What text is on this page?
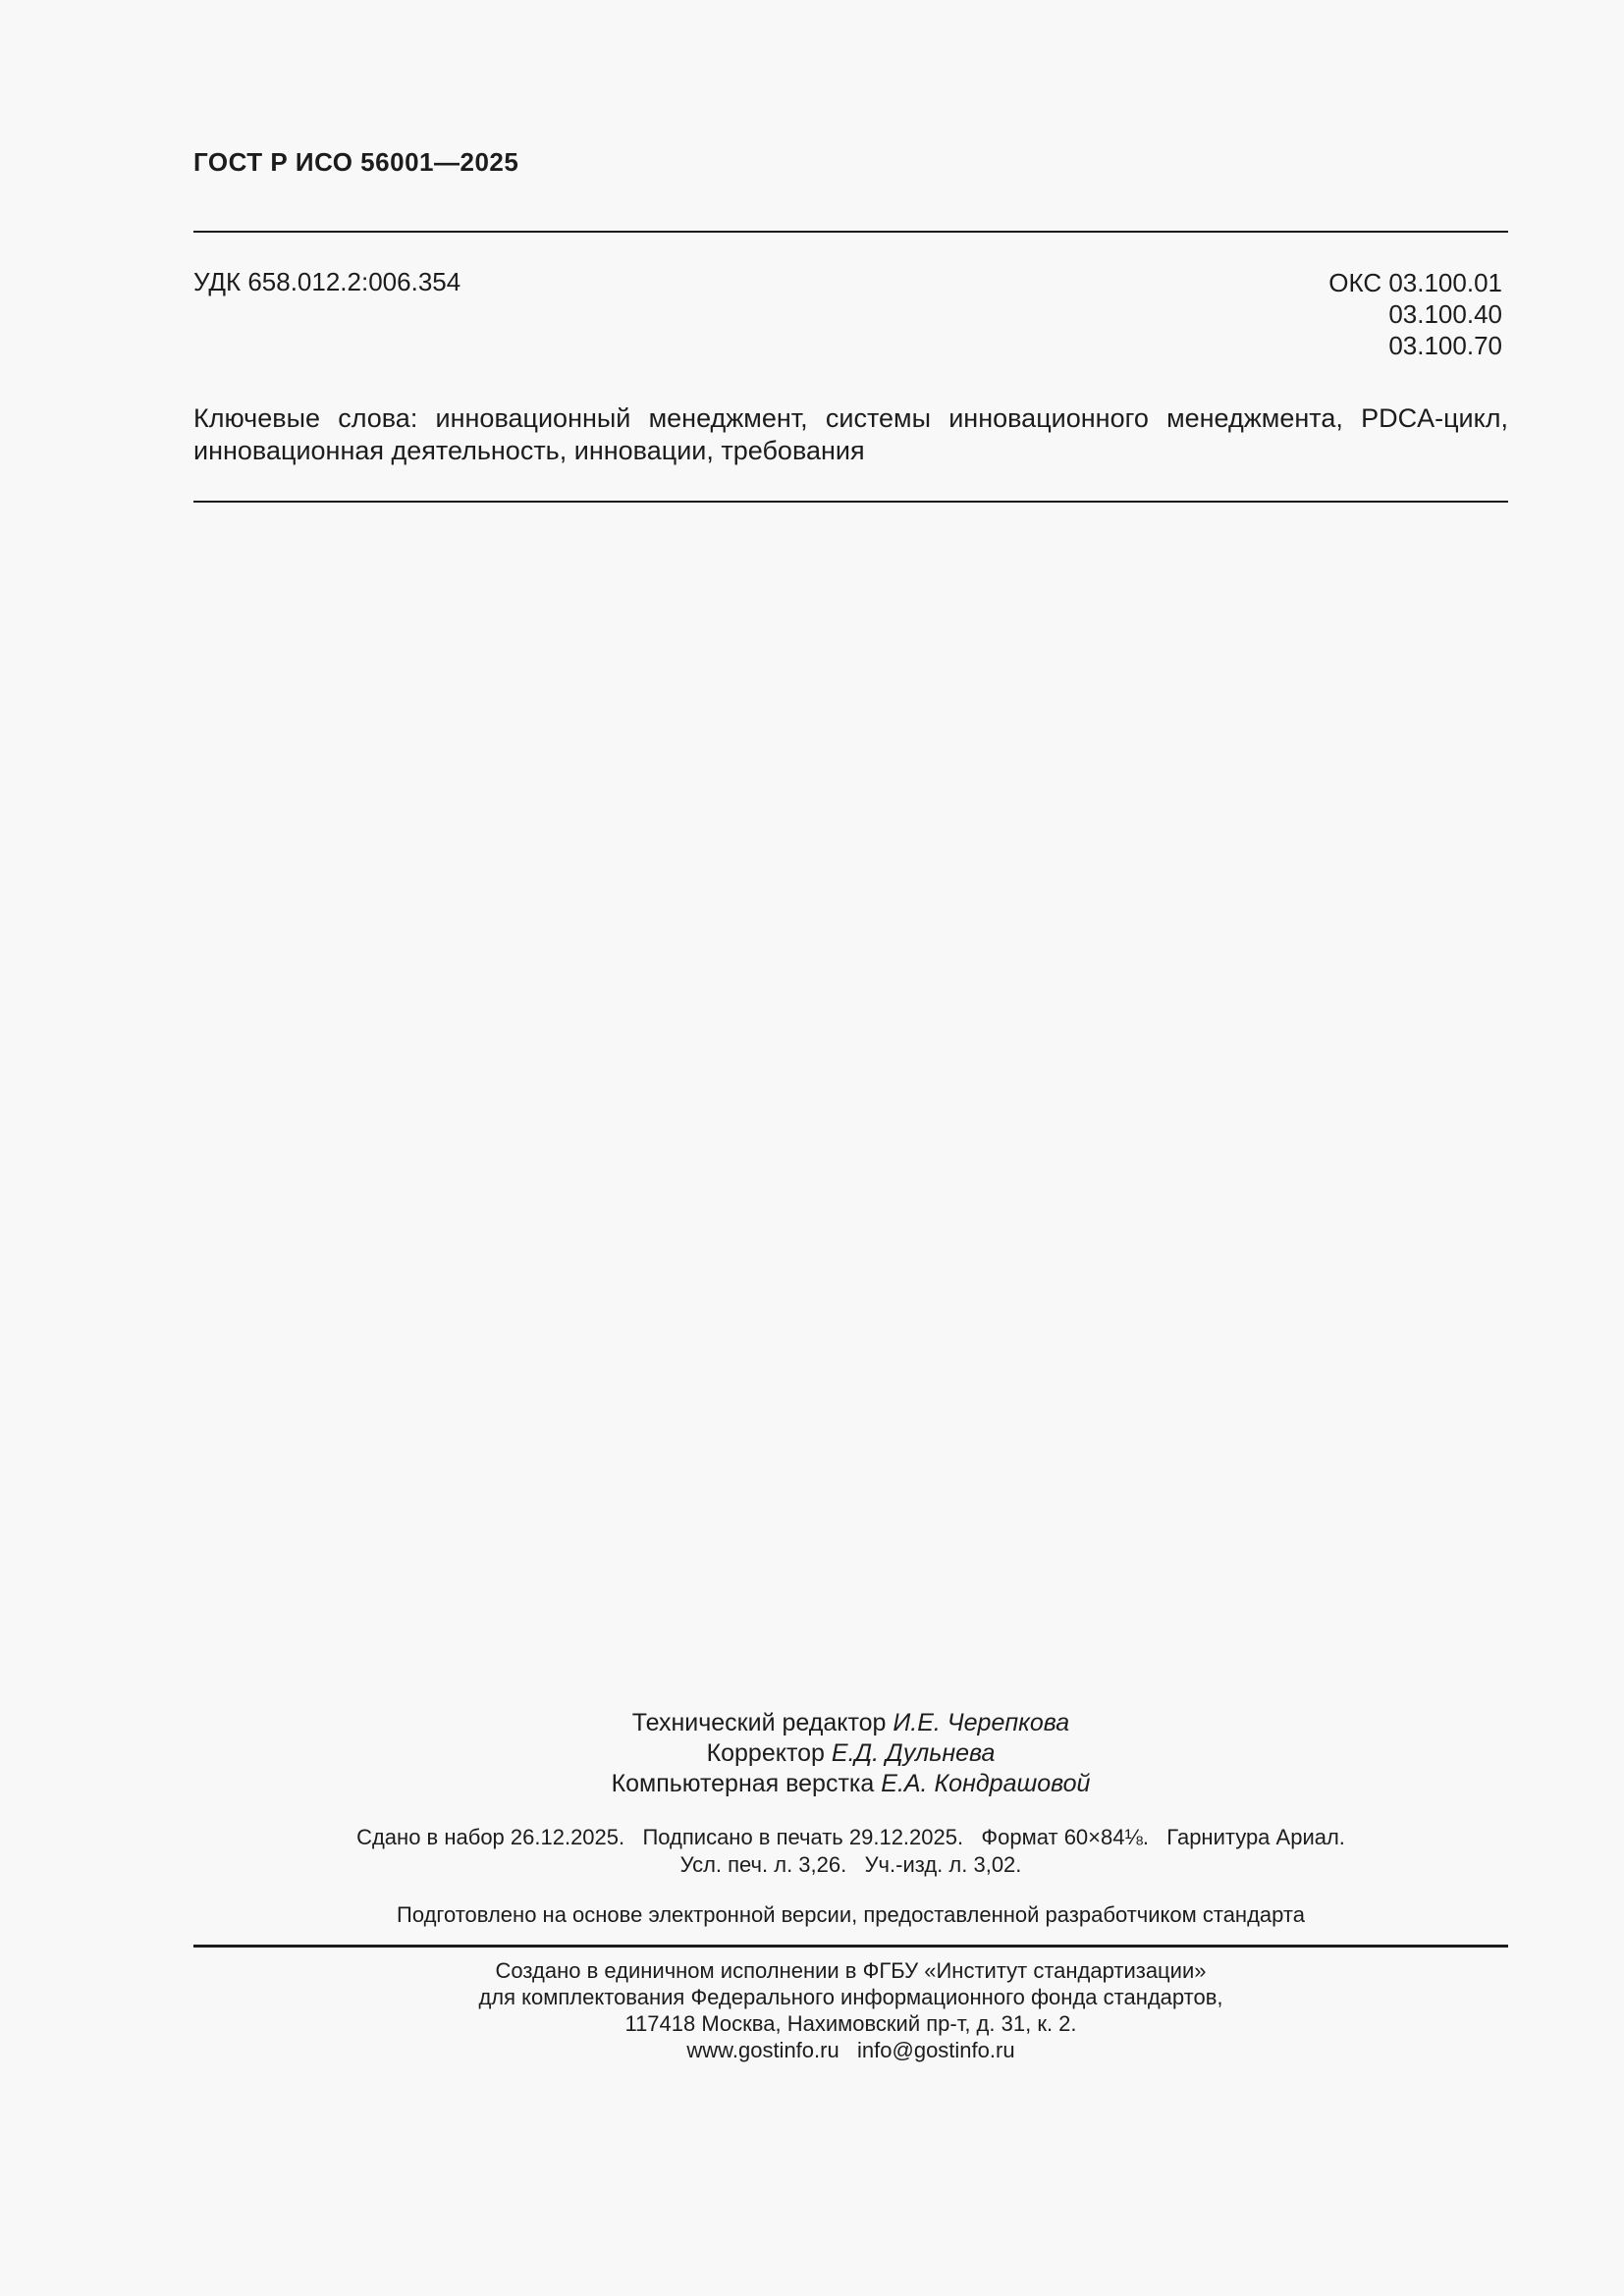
ГОСТ Р ИСО 56001—2025
УДК 658.012.2:006.354	ОКС 03.100.01
03.100.40
03.100.70

Ключевые слова: инновационный менеджмент, системы инновационного менеджмента, PDCA-цикл, инновационная деятельность, инновации, требования

Технический редактор И.Е. Черепкова
Корректор Е.Д. Дульнева
Компьютерная верстка Е.А. Кондрашовой
Сдано в набор 26.12.2025.   Подписано в печать 29.12.2025.   Формат 60×84⅛.   Гарнитура Ариал.
Усл. печ. л. 3,26.   Уч.-изд. л. 3,02.
Подготовлено на основе электронной версии, предоставленной разработчиком стандарта
Создано в единичном исполнении в ФГБУ «Институт стандартизации»
для комплектования Федерального информационного фонда стандартов,
117418 Москва, Нахимовский пр-т, д. 31, к. 2.
www.gostinfo.ru   info@gostinfo.ru
